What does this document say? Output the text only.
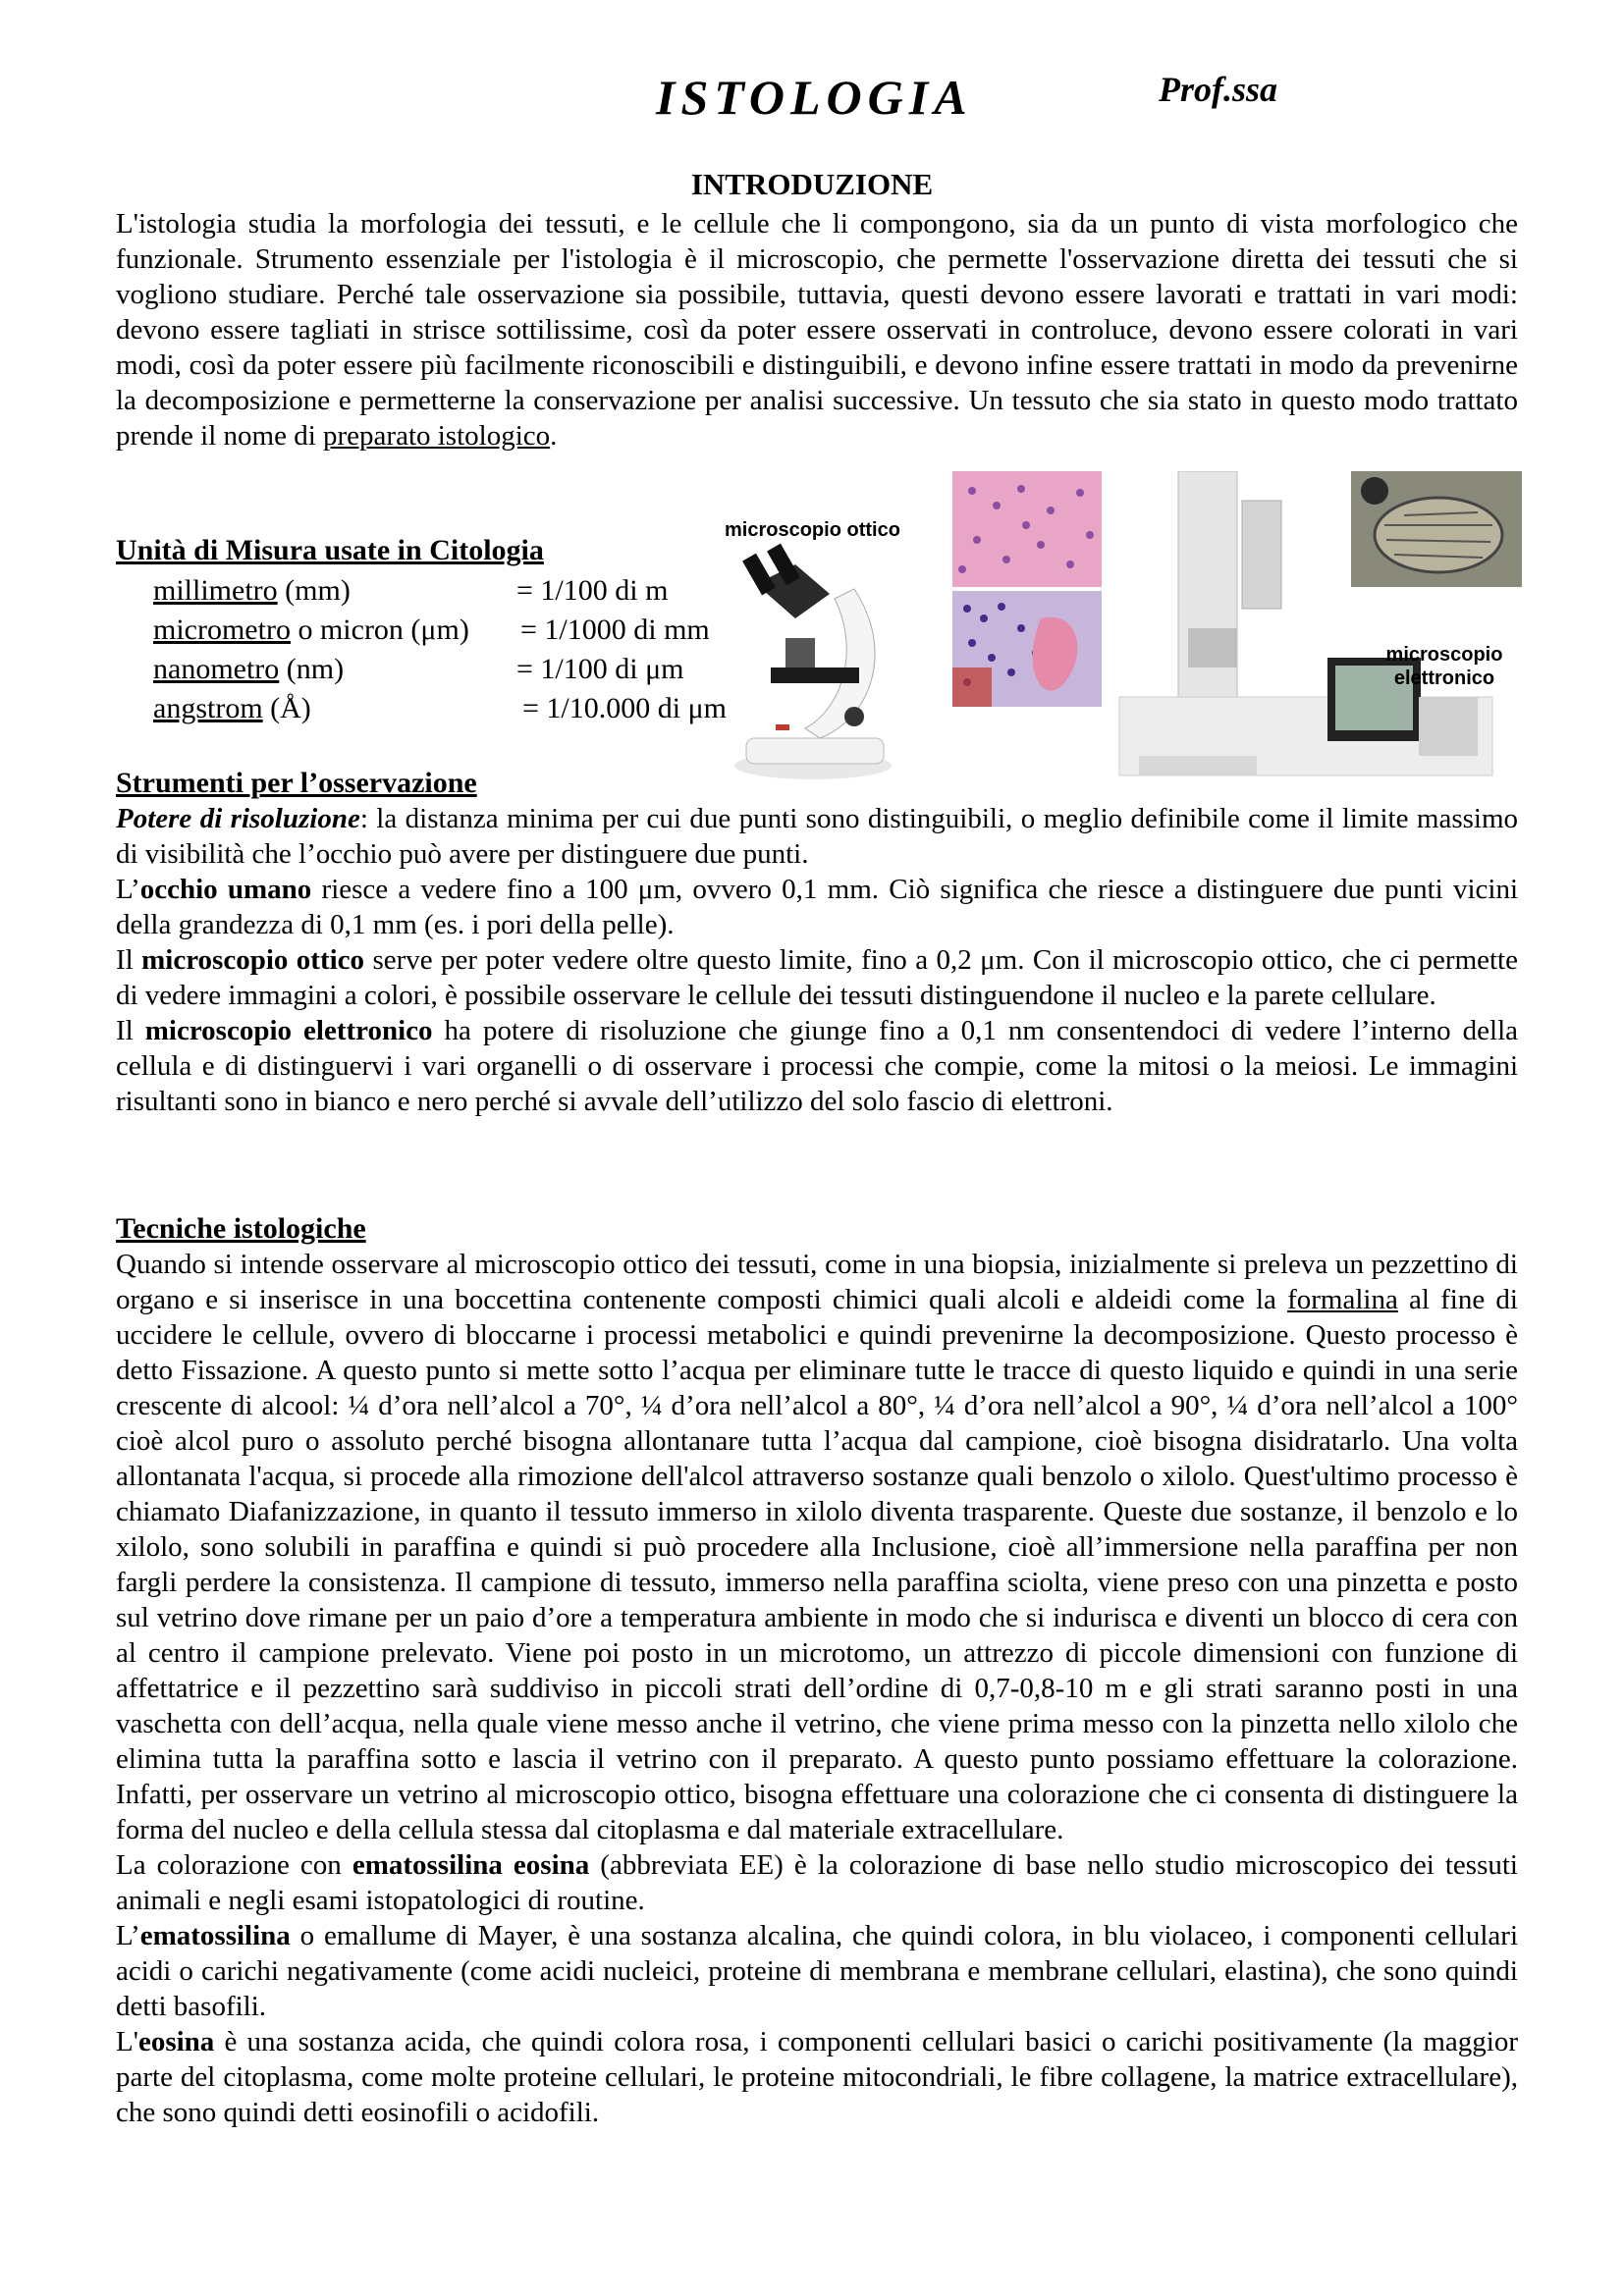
ISTOLOGIA	Prof.ssa
INTRODUZIONE

L'istologia studia la morfologia dei tessuti, e le cellule che li compongono, sia da un punto di vista morfologico che funzionale. Strumento essenziale per l'istologia è il microscopio, che permette l'osservazione diretta dei tessuti che si vogliono studiare. Perché tale osservazione sia possibile, tuttavia, questi devono essere lavorati e trattati in vari modi: devono essere tagliati in strisce sottilissime, così da poter essere osservati in controluce, devono essere colorati in vari modi, così da poter essere più facilmente riconoscibili e distinguibili, e devono infine essere trattati in modo da prevenirne la decomposizione e permetterne la conservazione per analisi successive. Un tessuto che sia stato in questo modo trattato prende il nome di preparato istologico.

Unità di Misura usate in Citologia
millimetro (mm)	= 1/100 di m
micrometro o micron (μm) = 1/1000 di mm
nanometro (nm)	= 1/100 di μm
angstrom (Å)	= 1/10.000 di μm
microscopio ottico
microscopio
elettronico

Strumenti per l’osservazione

Potere di risoluzione: la distanza minima per cui due punti sono distinguibili, o meglio definibile come il limite massimo di visibilità che l’occhio può avere per distinguere due punti.

L’occhio umano riesce a vedere fino a 100 μm, ovvero 0,1 mm. Ciò significa che riesce a distinguere due punti vicini della grandezza di 0,1 mm (es. i pori della pelle).

Il microscopio ottico serve per poter vedere oltre questo limite, fino a 0,2 μm. Con il microscopio ottico, che ci permette di vedere immagini a colori, è possibile osservare le cellule dei tessuti distinguendone il nucleo e la parete cellulare.

Il microscopio elettronico ha potere di risoluzione che giunge fino a 0,1 nm consentendoci di vedere l’interno della cellula e di distinguervi i vari organelli o di osservare i processi che compie, come la mitosi o la meiosi. Le immagini risultanti sono in bianco e nero perché si avvale dell’utilizzo del solo fascio di elettroni.

Tecniche istologiche

Quando si intende osservare al microscopio ottico dei tessuti, come in una biopsia, inizialmente si preleva un pezzettino di organo e si inserisce in una boccettina contenente composti chimici quali alcoli e aldeidi come la formalina al fine di uccidere le cellule, ovvero di bloccarne i processi metabolici e quindi prevenirne la decomposizione. Questo processo è detto Fissazione. A questo punto si mette sotto l’acqua per eliminare tutte le tracce di questo liquido e quindi in una serie crescente di alcool: ¼ d’ora nell’alcol a 70°, ¼ d’ora nell’alcol a 80°, ¼ d’ora nell’alcol a 90°, ¼ d’ora nell’alcol a 100° cioè alcol puro o assoluto perché bisogna allontanare tutta l’acqua dal campione, cioè bisogna disidratarlo. Una volta allontanata l'acqua, si procede alla rimozione dell'alcol attraverso sostanze quali benzolo o xilolo. Quest'ultimo processo è chiamato Diafanizzazione, in quanto il tessuto immerso in xilolo diventa trasparente. Queste due sostanze, il benzolo e lo xilolo, sono solubili in paraffina e quindi si può procedere alla Inclusione, cioè all’immersione nella paraffina per non fargli perdere la consistenza. Il campione di tessuto, immerso nella paraffina sciolta, viene preso con una pinzetta e posto sul vetrino dove rimane per un paio d’ore a temperatura ambiente in modo che si indurisca e diventi un blocco di cera con al centro il campione prelevato. Viene poi posto in un microtomo, un attrezzo di piccole dimensioni con funzione di affettatrice e il pezzettino sarà suddiviso in piccoli strati dell’ordine di 0,7-0,8-10 m e gli strati saranno posti in una vaschetta con dell’acqua, nella quale viene messo anche il vetrino, che viene prima messo con la pinzetta nello xilolo che elimina tutta la paraffina sotto e lascia il vetrino con il preparato. A questo punto possiamo effettuare la colorazione. Infatti, per osservare un vetrino al microscopio ottico, bisogna effettuare una colorazione che ci consenta di distinguere la forma del nucleo e della cellula stessa dal citoplasma e dal materiale extracellulare.

La colorazione con ematossilina eosina (abbreviata EE) è la colorazione di base nello studio microscopico dei tessuti animali e negli esami istopatologici di routine.

L’ematossilina o emallume di Mayer, è una sostanza alcalina, che quindi colora, in blu violaceo, i componenti cellulari acidi o carichi negativamente (come acidi nucleici, proteine di membrana e membrane cellulari, elastina), che sono quindi detti basofili.

L'eosina è una sostanza acida, che quindi colora rosa, i componenti cellulari basici o carichi positivamente (la maggior parte del citoplasma, come molte proteine cellulari, le proteine mitocondriali, le fibre collagene, la matrice extracellulare), che sono quindi detti eosinofili o acidofili.
